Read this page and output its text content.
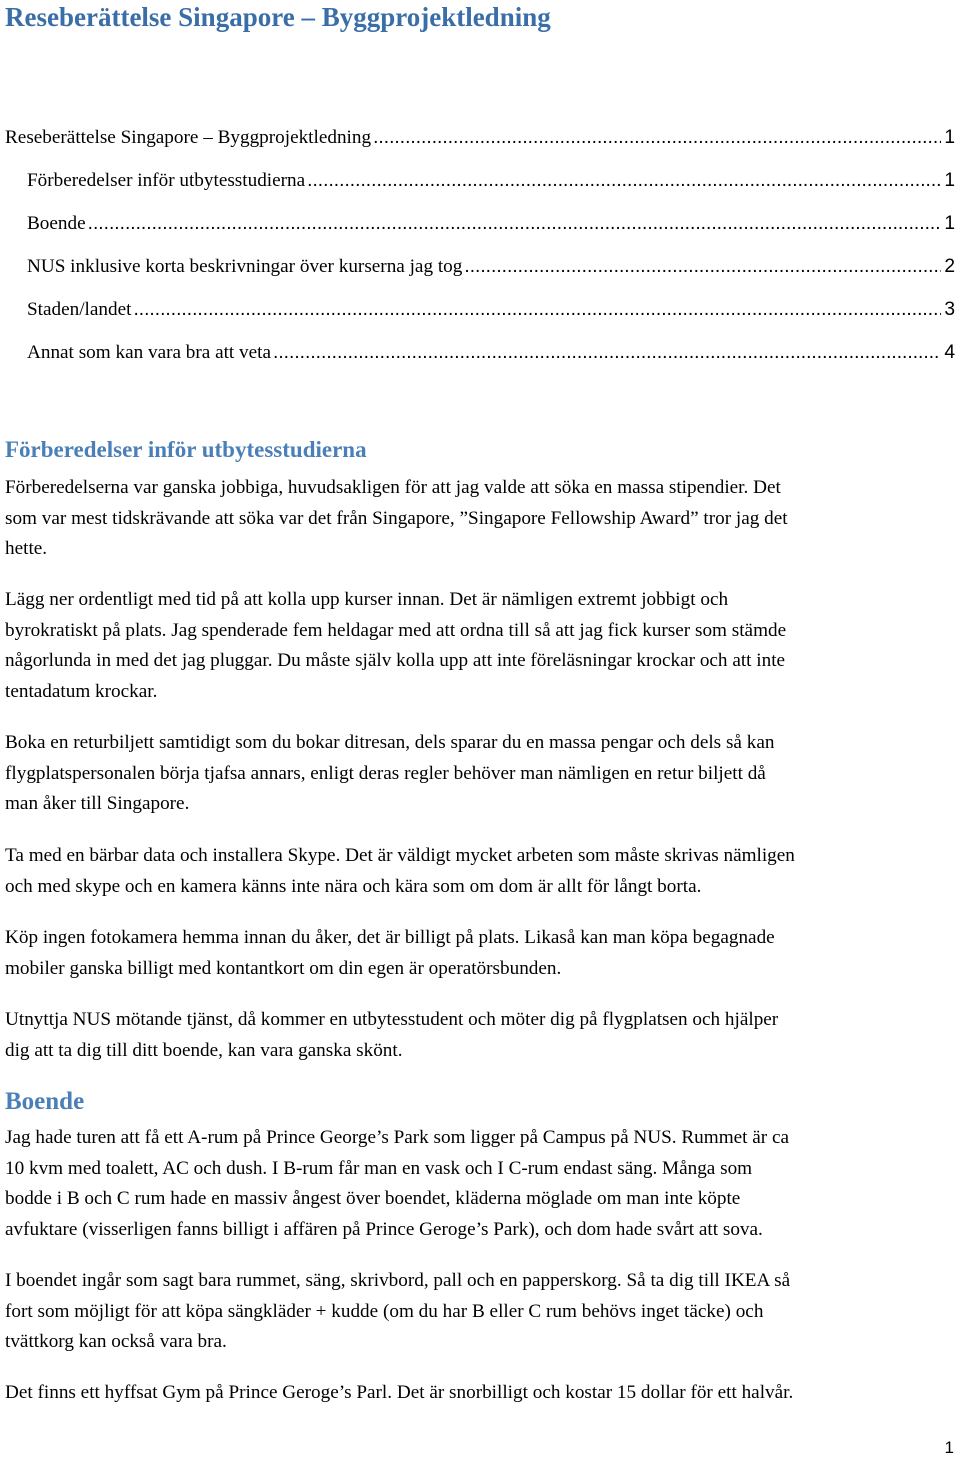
Reseberättelse Singapore – Byggprojektledning
Reseberättelse Singapore – Byggprojektledning .....	1
Förberedelser inför utbytesstudierna .....	1
Boende .....	1
NUS inklusive korta beskrivningar över kurserna jag tog .....	2
Staden/landet .....	3
Annat som kan vara bra att veta .....	4
Förberedelser inför utbytesstudierna
Förberedelserna var ganska jobbiga, huvudsakligen för att jag valde att söka en massa stipendier. Det
som var mest tidskrävande att söka var det från Singapore, ”Singapore Fellowship Award” tror jag det
hette.
Lägg ner ordentligt med tid på att kolla upp kurser innan. Det är nämligen extremt jobbigt och
byrokratiskt på plats. Jag spenderade fem heldagar med att ordna till så att jag fick kurser som stämde
någorlunda in med det jag pluggar. Du måste själv kolla upp att inte föreläsningar krockar och att inte
tentadatum krockar.
Boka en returbiljett samtidigt som du bokar ditresan, dels sparar du en massa pengar och dels så kan
flygplatspersonalen börja tjafsa annars, enligt deras regler behöver man nämligen en retur biljett då
man åker till Singapore.
Ta med en bärbar data och installera Skype. Det är väldigt mycket arbeten som måste skrivas nämligen
och med skype och en kamera känns inte nära och kära som om dom är allt för långt borta.
Köp ingen fotokamera hemma innan du åker, det är billigt på plats. Likaså kan man köpa begagnade
mobiler ganska billigt med kontantkort om din egen är operatörsbunden.
Utnyttja NUS mötande tjänst, då kommer en utbytesstudent och möter dig på flygplatsen och hjälper
dig att ta dig till ditt boende, kan vara ganska skönt.
Boende
Jag hade turen att få ett A-rum på Prince George’s Park som ligger på Campus på NUS. Rummet är ca
10 kvm med toalett, AC och dush. I B-rum får man en vask och I C-rum endast säng. Många som
bodde i B och C rum hade en massiv ångest över boendet, kläderna möglade om man inte köpte
avfuktare (visserligen fanns billigt i affären på Prince Geroge’s Park), och dom hade svårt att sova.
I boendet ingår som sagt bara rummet, säng, skrivbord, pall och en papperskorg. Så ta dig till IKEA så
fort som möjligt för att köpa sängkläder + kudde (om du har B eller C rum behövs inget täcke) och
tvättkorg kan också vara bra.
Det finns ett hyffsat Gym på Prince Geroge’s Parl. Det är snorbilligt och kostar 15 dollar för ett halvår.
1
